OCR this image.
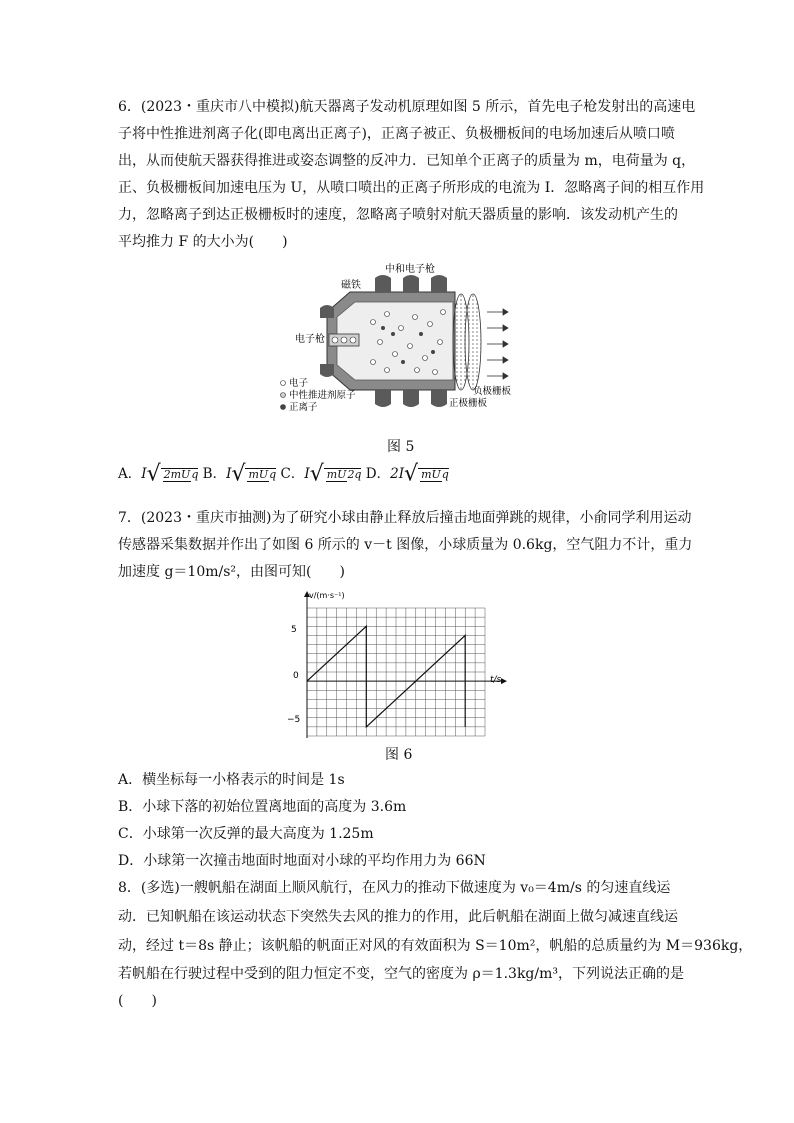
6．(2023・重庆市八中模拟)航天器离子发动机原理如图 5 所示，首先电子枪发射出的高速电
子将中性推进剂离子化(即电离出正离子)，正离子被正、负极栅板间的电场加速后从喷口喷
出，从而使航天器获得推进或姿态调整的反冲力．已知单个正离子的质量为 m，电荷量为 q，
正、负极栅板间加速电压为 U，从喷口喷出的正离子所形成的电流为 I．忽略离子间的相互作用
力，忽略离子到达正极栅板时的速度，忽略离子喷射对航天器质量的影响．该发动机产生的
平均推力 F 的大小为(　　)
中和电子枪
磁铁
电子枪
电子
中性推进剂原子
正离子
负极栅板
正极栅板
图 5
A．I√ 2mUq B．I√ mUq C．I√ mU2q D．2I√ mUq
7．(2023・重庆市抽测)为了研究小球由静止释放后撞击地面弹跳的规律，小俞同学利用运动
传感器采集数据并作出了如图 6 所示的 v－t 图像，小球质量为 0.6kg，空气阻力不计，重力
加速度 g＝10m/s²，由图可知(　　)
v/(m·s⁻¹)
t/s
5
0
−5
图 6
A．横坐标每一小格表示的时间是 1s
B．小球下落的初始位置离地面的高度为 3.6m
C．小球第一次反弹的最大高度为 1.25m
D．小球第一次撞击地面时地面对小球的平均作用力为 66N
8．(多选)一艘帆船在湖面上顺风航行，在风力的推动下做速度为 v₀＝4m/s 的匀速直线运
动．已知帆船在该运动状态下突然失去风的推力的作用，此后帆船在湖面上做匀减速直线运
动，经过 t＝8s 静止；该帆船的帆面正对风的有效面积为 S＝10m²，帆船的总质量约为 M＝936kg，
若帆船在行驶过程中受到的阻力恒定不变，空气的密度为 ρ＝1.3kg/m³，下列说法正确的是
(　　)
